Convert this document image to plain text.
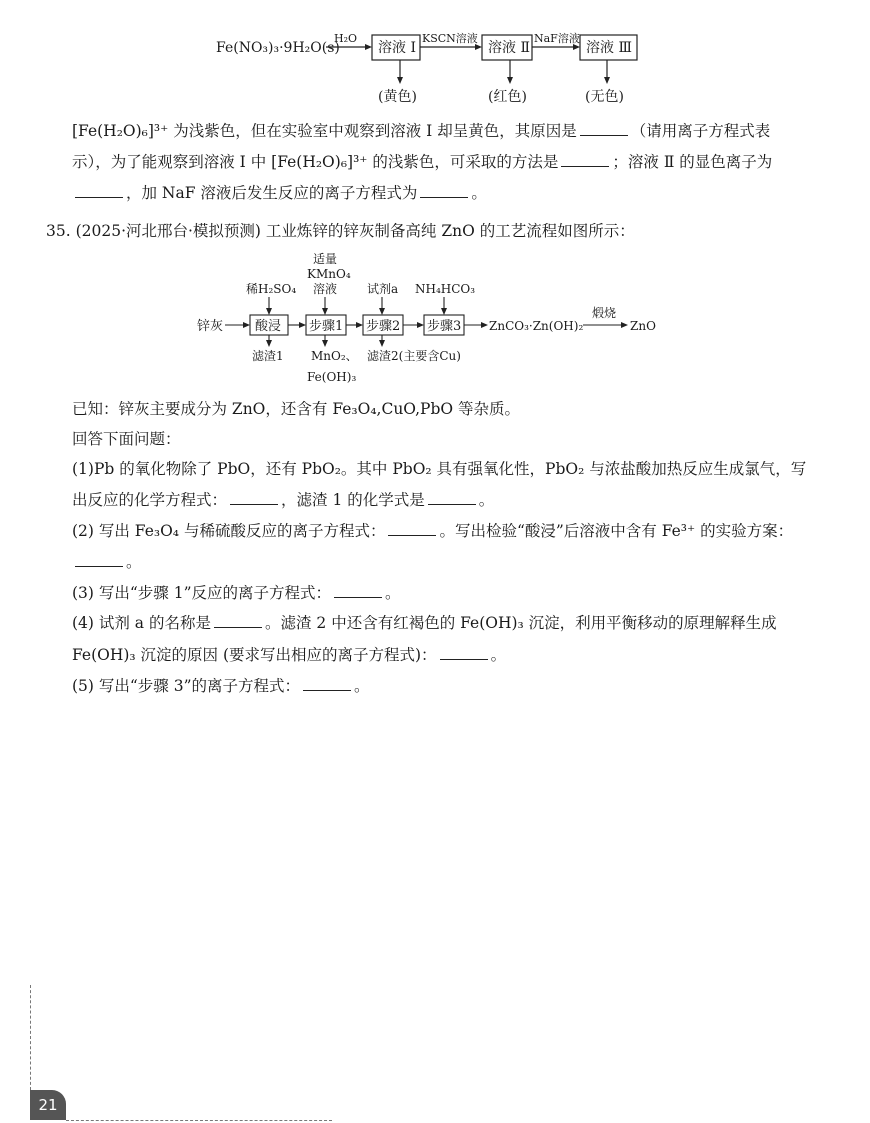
Fe(NO₃)₃·9H₂O(s)
H₂O
溶液 Ⅰ
KSCN溶液
溶液 Ⅱ
NaF溶液
溶液 Ⅲ
(黄色)	(红色)	(无色)
[Fe(H₂O)₆]³⁺ 为浅紫色，但在实验室中观察到溶液 Ⅰ 却呈黄色，其原因是	（请用离子方程式表
示），为了能观察到溶液 Ⅰ 中 [Fe(H₂O)₆]³⁺ 的浅紫色，可采取的方法是	；溶液 Ⅱ 的显色离子为
，加 NaF 溶液后发生反应的离子方程式为	。
35. (2025·河北邢台·模拟预测) 工业炼锌的锌灰制备高纯 ZnO 的工艺流程如图所示：
适量
KMnO₄
溶液
稀H₂SO₄	试剂a NH₄HCO₃
锌灰 酸浸 步骤1 步骤2 步骤3 ZnCO₃·Zn(OH)₂
煅烧
ZnO
滤渣1 MnO₂、
Fe(OH)₃
滤渣2(主要含Cu)
已知：锌灰主要成分为 ZnO，还含有 Fe₃O₄,CuO,PbO 等杂质。
回答下面问题：
(1)Pb 的氧化物除了 PbO，还有 PbO₂。其中 PbO₂ 具有强氧化性，PbO₂ 与浓盐酸加热反应生成氯气，写
出反应的化学方程式：	，滤渣 1 的化学式是	。
(2) 写出 Fe₃O₄ 与稀硫酸反应的离子方程式：	。写出检验“酸浸”后溶液中含有 Fe³⁺ 的实验方案：
。
(3) 写出“步骤 1”反应的离子方程式：	。
(4) 试剂 a 的名称是	。滤渣 2 中还含有红褐色的 Fe(OH)₃ 沉淀，利用平衡移动的原理解释生成
Fe(OH)₃ 沉淀的原因 (要求写出相应的离子方程式)：	。
(5) 写出“步骤 3”的离子方程式：	。
21
